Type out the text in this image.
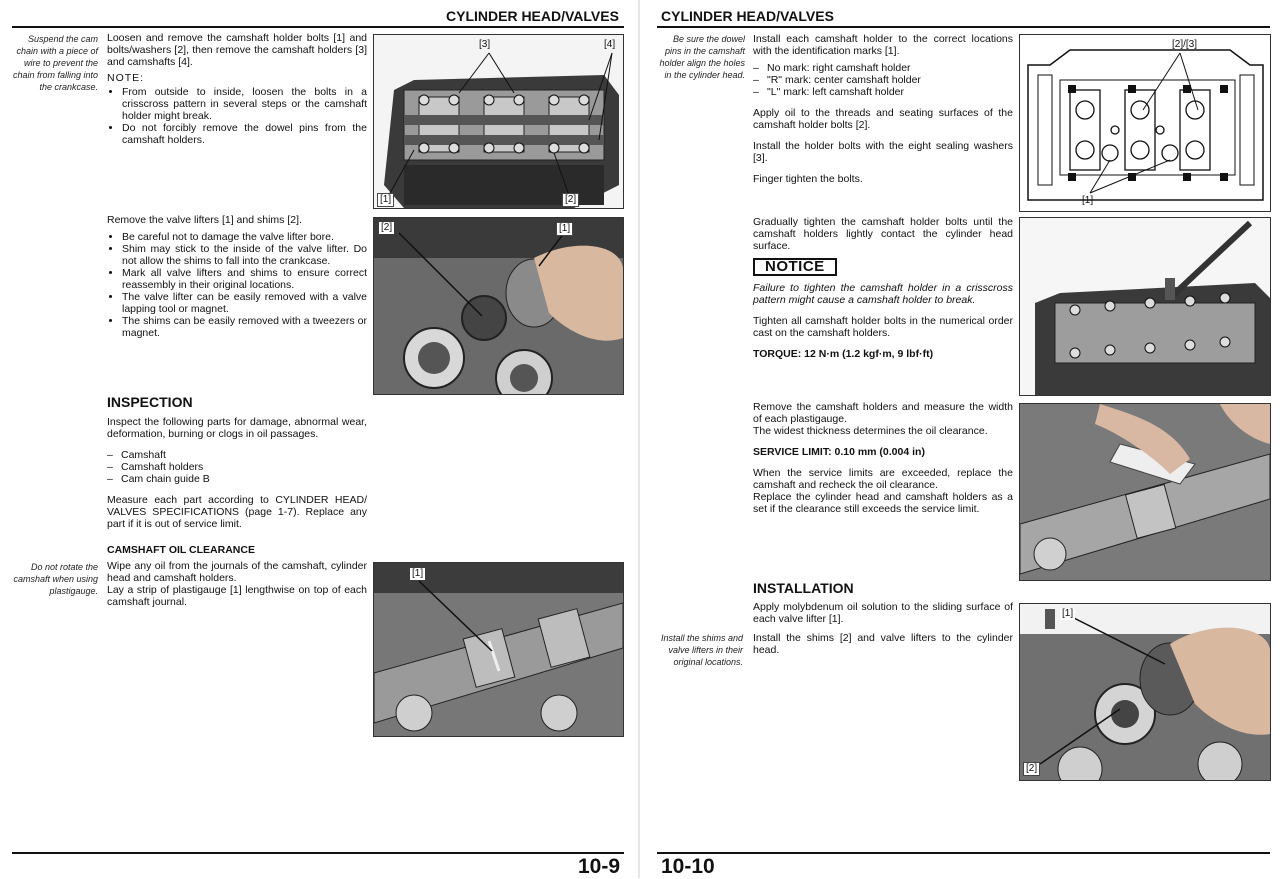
CYLINDER HEAD/VALVES
Suspend the cam chain with a piece of wire to prevent the chain from falling into the crankcase.

Loosen and remove the camshaft holder bolts [1] and bolts/washers [2], then remove the camshaft holders [3] and camshafts [4].

NOTE:
• From outside to inside, loosen the bolts in a crisscross pattern in several steps or the camshaft holder might break.
• Do not forcibly remove the dowel pins from the camshaft holders.
[3]	[4]
[1]	[2]

Remove the valve lifters [1] and shims [2].

• Be careful not to damage the valve lifter bore.
• Shim may stick to the inside of the valve lifter. Do not allow the shims to fall into the crankcase.
• Mark all valve lifters and shims to ensure correct reassembly in their original locations.
• The valve lifter can be easily removed with a valve lapping tool or magnet.
• The shims can be easily removed with a tweezers or magnet.
[2]	[1]
INSPECTION

Inspect the following parts for damage, abnormal wear, deformation, burning or clogs in oil passages.

– Camshaft
– Camshaft holders
– Cam chain guide B

Measure each part according to CYLINDER HEAD/ VALVES SPECIFICATIONS (page 1-7). Replace any part if it is out of service limit.

CAMSHAFT OIL CLEARANCE
Do not rotate the camshaft when using plastigauge.

Wipe any oil from the journals of the camshaft, cylinder head and camshaft holders.

Lay a strip of plastigauge [1] lengthwise on top of each camshaft journal.

[1]
10-9
CYLINDER HEAD/VALVES
Be sure the dowel pins in the camshaft holder align the holes in the cylinder head.

Install each camshaft holder to the correct locations with the identification marks [1].

– No mark: right camshaft holder
– "R" mark: center camshaft holder
– "L" mark: left camshaft holder

Apply oil to the threads and seating surfaces of the camshaft holder bolts [2].

Install the holder bolts with the eight sealing washers [3].

Finger tighten the bolts.

[2]/[3]
[1]

Gradually tighten the camshaft holder bolts until the camshaft holders lightly contact the cylinder head surface.

NOTICE

Failure to tighten the camshaft holder in a crisscross pattern might cause a camshaft holder to break.

Tighten all camshaft holder bolts in the numerical order cast on the camshaft holders.

TORQUE: 12 N·m (1.2 kgf·m, 9 lbf·ft)

Remove the camshaft holders and measure the width of each plastigauge.

The widest thickness determines the oil clearance.

SERVICE LIMIT: 0.10 mm (0.004 in)

When the service limits are exceeded, replace the camshaft and recheck the oil clearance.

Replace the cylinder head and camshaft holders as a set if the clearance still exceeds the service limit.

INSTALLATION

Apply molybdenum oil solution to the sliding surface of each valve lifter [1].

Install the shims [2] and valve lifters to the cylinder head.

Install the shims and valve lifters in their original locations.
[1]
[2]
10-10
